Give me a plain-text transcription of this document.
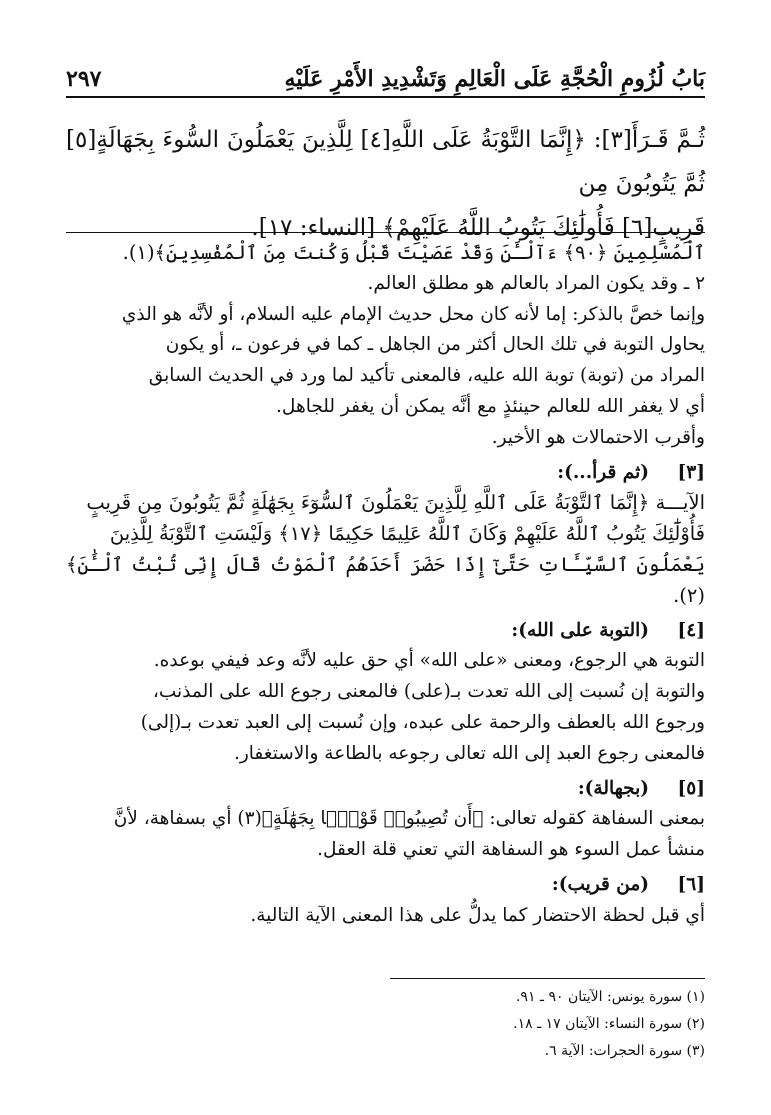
٢٩٧	بَابُ لُزُومِ الْحُجَّةِ عَلَى الْعَالِمِ وَتَشْدِيدِ الأَمْرِ عَلَيْهِ

ثُـمَّ قَـرَأَ[٣]: ﴿إِنَّمَا التَّوْبَةُ عَلَى اللَّهِ[٤] لِلَّذِينَ يَعْمَلُونَ السُّوءَ بِجَهَالَةٍ[٥] ثُمَّ يَتُوبُونَ مِن

قَرِيبٍ[٦] فَأُولَٰئِكَ يَتُوبُ اللَّهُ عَلَيْهِمْ﴾ [النساء: ١٧].

ٱلْمُسْلِمِينَ ﴿٩٠﴾ ءَآلْـَٔنَ وَقَدْ عَصَيْتَ قَبْلُ وَكُنتَ مِنَ ٱلْمُفْسِدِينَ﴾(١).

٢ ـ وقد يكون المراد بالعالم هو مطلق العالم.

وإنما خصَّ بالذكر: إما لأنه كان محل حديث الإمام عليه السلام، أو لأنَّه هو الذي

يحاول التوبة في تلك الحال أكثر من الجاهل ـ كما في فرعون ـ، أو يكون

المراد من (توبة) توبة الله عليه، فالمعنى تأكيد لما ورد في الحديث السابق

أي لا يغفر الله للعالم حينئذٍ مع أنَّه يمكن أن يغفر للجاهل.

وأقرب الاحتمالات هو الأخير.

[٣]
(ثم قرأ...):

الآيـــة ﴿إِنَّمَا ٱلتَّوْبَةُ عَلَى ٱللَّهِ لِلَّذِينَ يَعْمَلُونَ ٱلسُّوٓءَ بِجَهَٰلَةٍ ثُمَّ يَتُوبُونَ مِن قَرِيبٍ

فَأُوْلَٰٓئِكَ يَتُوبُ ٱللَّهُ عَلَيْهِمْ وَكَانَ ٱللَّهُ عَلِيمًا حَكِيمًا ﴿١٧﴾ وَلَيْسَتِ ٱلتَّوْبَةُ لِلَّذِينَ

يَعْمَلُونَ ٱلسَّيِّـَٔاتِ حَتَّىٰٓ إِذَا حَضَرَ أَحَدَهُمُ ٱلْمَوْتُ قَالَ إِنِّى تُبْتُ ٱلْـَٰٔنَ﴾(٢).

[٤]
(التوبة على الله):

التوبة هي الرجوع، ومعنى «على الله» أي حق عليه لأنَّه وعد فيفي بوعده.

والتوبة إن نُسبت إلى الله تعدت بـ(على) فالمعنى رجوع الله على المذنب،

ورجوع الله بالعطف والرحمة على عبده، وإن نُسبت إلى العبد تعدت بـ(إلى)

فالمعنى رجوع العبد إلى الله تعالى رجوعه بالطاعة والاستغفار.

[٥]
(بجهالة):

بمعنى السفاهة كقوله تعالى: ﴿أَن تُصِيبُوا۟ قَوْمًۢا بِجَهَٰلَةٍ﴾(٣) أي بسفاهة، لأنَّ

منشأ عمل السوء هو السفاهة التي تعني قلة العقل.

[٦]
(من قريب):

أي قبل لحظة الاحتضار كما يدلُّ على هذا المعنى الآية التالية.

(١) سورة يونس: الآيتان ٩٠ ـ ٩١.

(٢) سورة النساء: الآيتان ١٧ ـ ١٨.

(٣) سورة الحجرات: الآية ٦.
